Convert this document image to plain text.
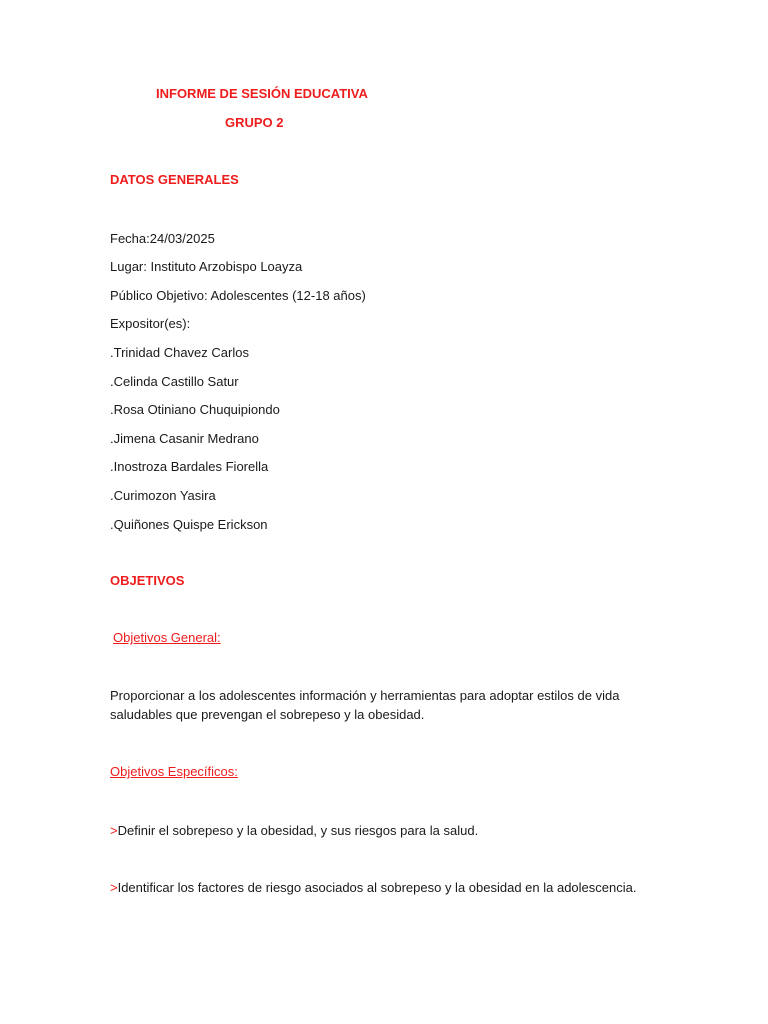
INFORME DE SESIÓN EDUCATIVA
GRUPO 2
DATOS GENERALES
Fecha:24/03/2025
Lugar: Instituto Arzobispo Loayza
Público Objetivo: Adolescentes (12-18 años)
Expositor(es):
.Trinidad Chavez Carlos
.Celinda Castillo Satur
.Rosa Otiniano Chuquipiondo
.Jimena Casanir Medrano
.Inostroza Bardales Fiorella
.Curimozon Yasira
.Quiñones Quispe Erickson
OBJETIVOS
Objetivos General:
Proporcionar a los adolescentes información y herramientas para adoptar estilos de vida saludables que prevengan el sobrepeso y la obesidad.
Objetivos Específicos:
>Definir el sobrepeso y la obesidad, y sus riesgos para la salud.
>Identificar los factores de riesgo asociados al sobrepeso y la obesidad en la adolescencia.
